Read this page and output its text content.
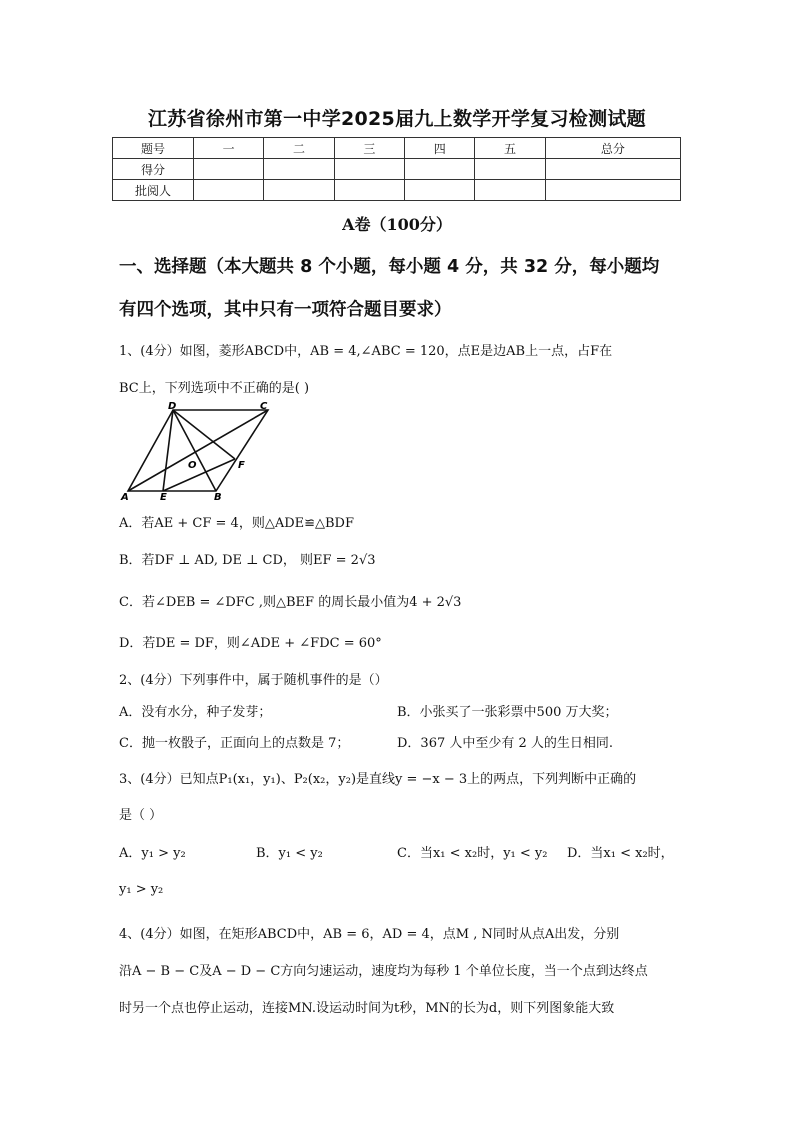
江苏省徐州市第一中学2025届九上数学开学复习检测试题
题号	一	二	三	四	五	总分
得分						
批阅人						
A卷（100分）
一、选择题（本大题共 8 个小题，每小题 4 分，共 32 分，每小题均
有四个选项，其中只有一项符合题目要求）
1、(4分）如图，菱形ABCD中，AB = 4,∠ABC = 120，点E是边AB上一点，占F在
BC上，下列选项中不正确的是( )
D	C
O	F
A	E	B
A．若AE + CF = 4，则△ADE≌△BDF
B．若DF ⊥ AD, DE ⊥ CD， 则EF = 2√3
C．若∠DEB = ∠DFC ,则△BEF 的周长最小值为4 + 2√3
D．若DE = DF，则∠ADE + ∠FDC = 60°
2、(4分）下列事件中，属于随机事件的是（）
A．没有水分，种子发芽；	B．小张买了一张彩票中500 万大奖；
C．抛一枚骰子，正面向上的点数是 7；	D．367 人中至少有 2 人的生日相同.
3、(4分）已知点P₁(x₁，y₁)、P₂(x₂，y₂)是直线y = −x − 3上的两点，下列判断中正确的
是（ ）
A．y₁ > y₂	B．y₁ < y₂	C．当x₁ < x₂时，y₁ < y₂ D．当x₁ < x₂时，
y₁ > y₂
4、(4分）如图，在矩形ABCD中，AB = 6，AD = 4，点M , N同时从点A出发，分别
沿A − B − C及A − D − C方向匀速运动，速度均为每秒 1 个单位长度，当一个点到达终点
时另一个点也停止运动，连接MN.设运动时间为t秒，MN的长为d，则下列图象能大致
